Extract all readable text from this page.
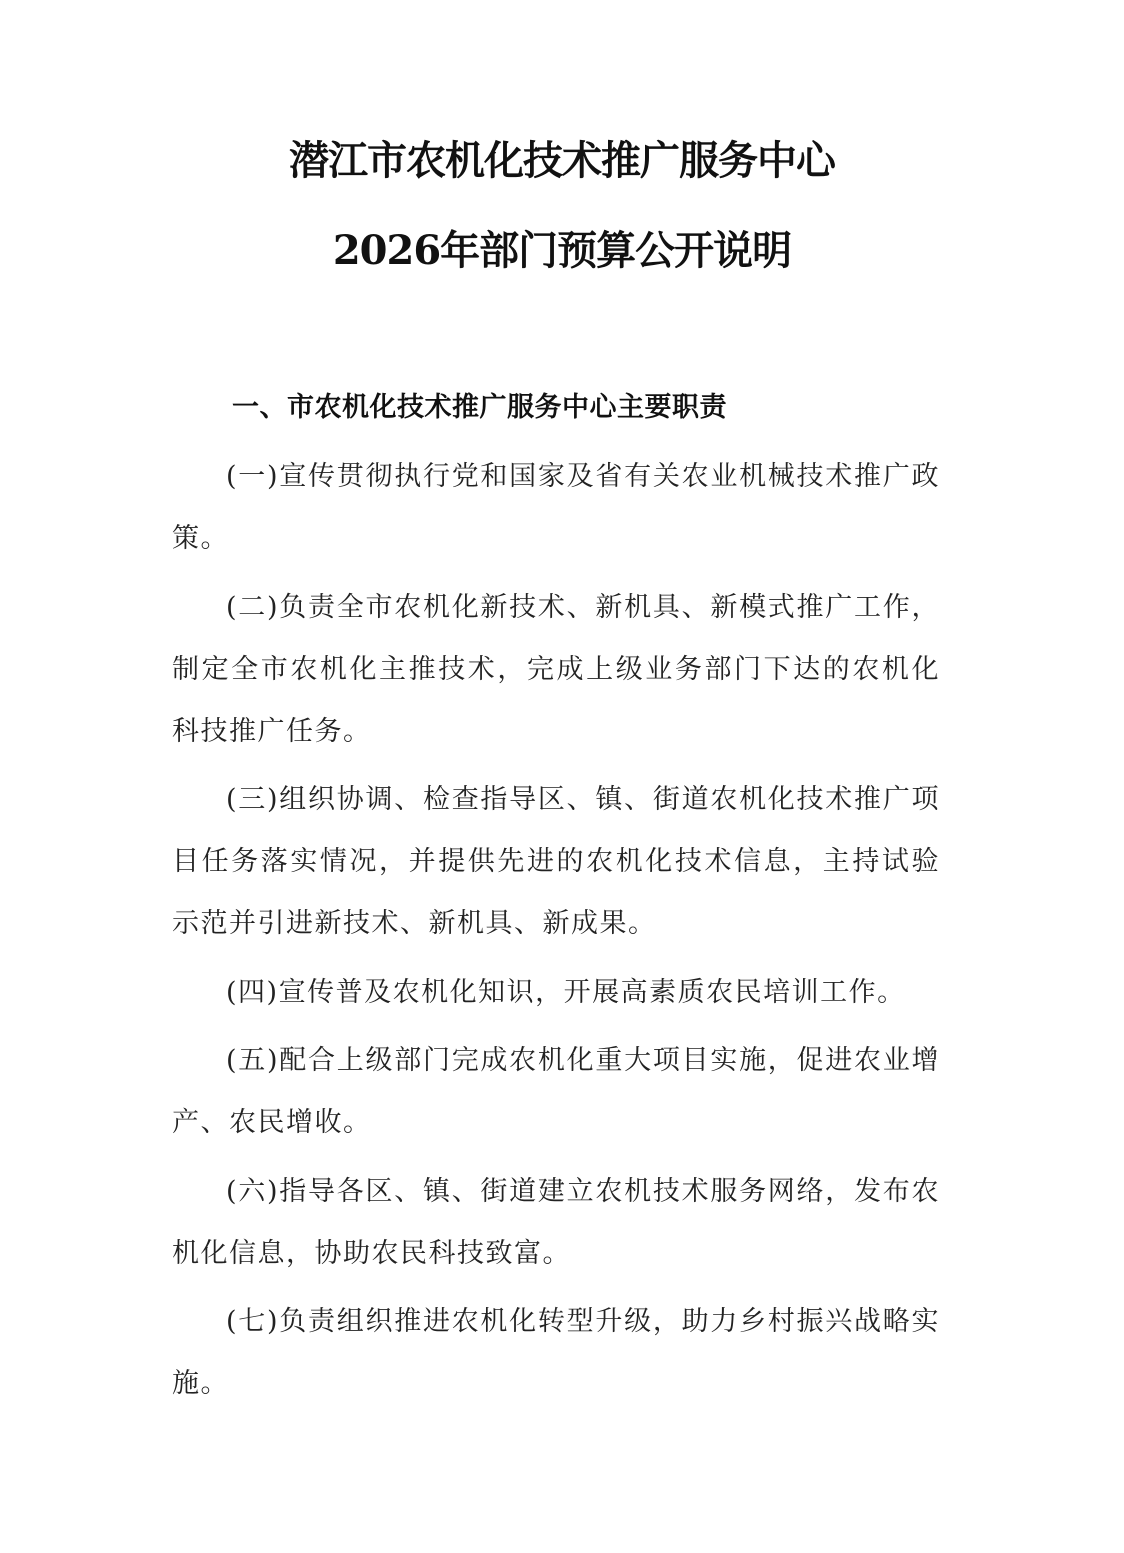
潜江市农机化技术推广服务中心
2026年部门预算公开说明
一、市农机化技术推广服务中心主要职责

(一)宣传贯彻执行党和国家及省有关农业机械技术推广政策。

(二)负责全市农机化新技术、新机具、新模式推广工作，制定全市农机化主推技术，完成上级业务部门下达的农机化科技推广任务。

(三)组织协调、检查指导区、镇、街道农机化技术推广项目任务落实情况，并提供先进的农机化技术信息，主持试验示范并引进新技术、新机具、新成果。

(四)宣传普及农机化知识，开展高素质农民培训工作。

(五)配合上级部门完成农机化重大项目实施，促进农业增产、农民增收。

(六)指导各区、镇、街道建立农机技术服务网络，发布农机化信息，协助农民科技致富。

(七)负责组织推进农机化转型升级，助力乡村振兴战略实施。
